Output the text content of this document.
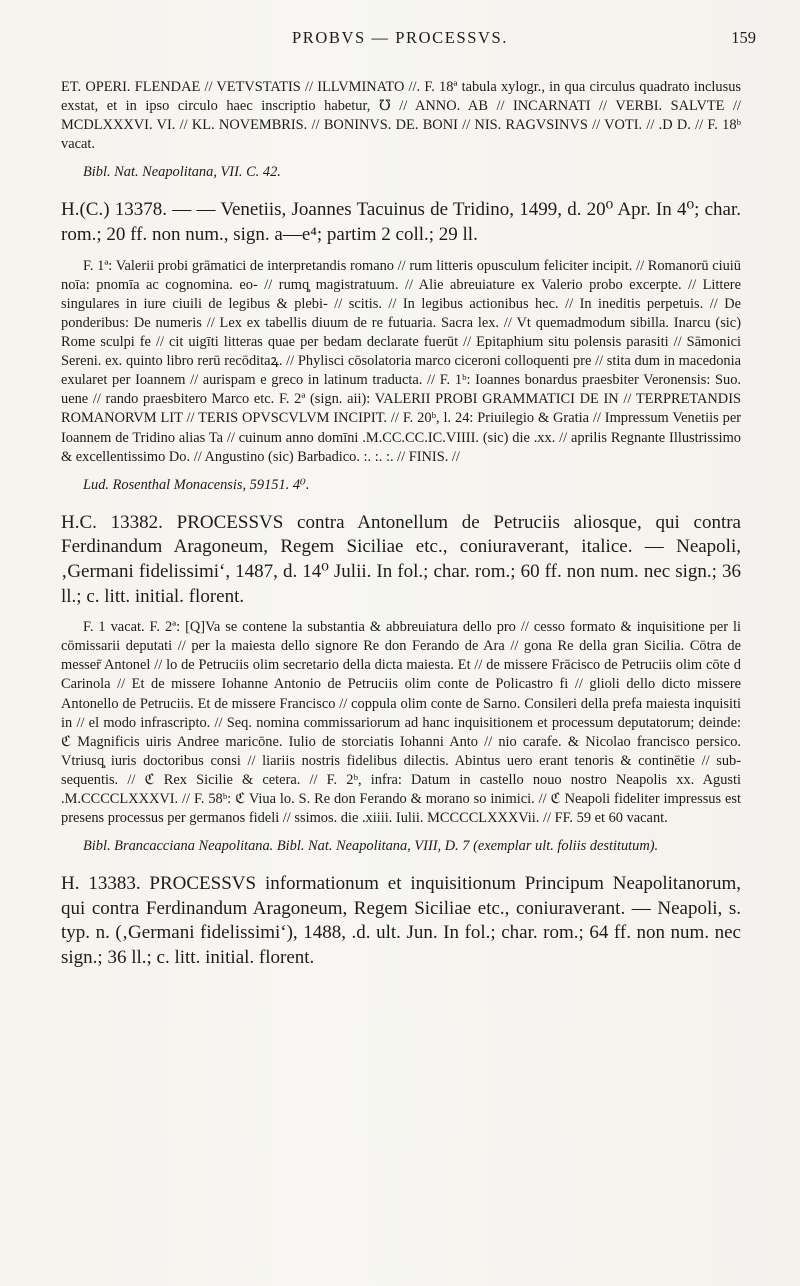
PROBVS — PROCESSVS.	159

ET. OPERI. FLENDAE // VETVSTATIS // ILLVMINATO //. F. 18ª tabula xylogr., in qua circulus quadrato inclusus exstat, et in ipso circulo haec inscriptio habetur, ℧ // ANNO. AB // INCARNATI // VERBI. SALVTE // MCDLXXXVI. VI. // KL. NOVEMBRIS. // BONINVS. DE. BONI // NIS. RAGVSINVS // VOTI. // .D D. // F. 18ᵇ vacat.

Bibl. Nat. Neapolitana, VII. C. 42.

H.(C.) 13378. — — Venetiis, Joannes Tacuinus de Tridino, 1499, d. 20⁰ Apr. In 4⁰; char. rom.; 20 ff. non num., sign. a—e⁴; partim 2 coll.; 29 ll.

F. 1ª: Valerii probi grāmatici de interpretandis romano // rum litteris opusculum feliciter incipit. // Romanorū ciuiū noīa: pnomīa ac cognomina. eo- // rumq̧ magistratuum. // Alie abreuiature ex Valerio probo excerpte. // Littere singulares in iure ciuili de legibus & plebi- // scitis. // In legibus actionibus hec. // In ineditis perpetuis. // De ponderibus: De numeris // Lex ex tabellis diuum de re futuaria. Sacra lex. // Vt quemadmodum sibilla. Inarcu (sic) Rome sculpi fe // cit uigīti litteras quae per bedam declarate fuerūt // Epitaphium situ polensis parasiti // Sāmonici Sereni. ex. quinto libro rerū recōditaꝝ. // Phylisci cōsolatoria marco ciceroni colloquenti pre // stita dum in macedonia exularet per Ioannem // aurispam e greco in latinum traducta. // F. 1ᵇ: Ioannes bonardus praesbiter Veronensis: Suo. uene // rando praesbitero Marco etc. F. 2ª (sign. aii): VALERII PROBI GRAMMATICI DE IN // TERPRETANDIS ROMANORVM LIT // TERIS OPVSCVLVM INCIPIT. // F. 20ᵇ, l. 24: Priuilegio & Gratia // Impressum Venetiis per Ioannem de Tridino alias Ta // cuinum anno domīni .M.CC.CC.IC.VIIII. (sic) die .xx. // aprilis Regnante Illustrissimo & excellentissimo Do. // Angustino (sic) Barbadico. :. :. :. // FINIS. //

Lud. Rosenthal Monacensis, 59151. 4⁰.

H.C. 13382. PROCESSVS contra Antonellum de Petruciis aliosque, qui contra Ferdinandum Aragoneum, Regem Siciliae etc., coniuraverant, italice. — Neapoli, ‚Germani fidelissimi‘, 1487, d. 14⁰ Julii. In fol.; char. rom.; 60 ff. non num. nec sign.; 36 ll.; c. litt. initial. florent.

F. 1 vacat. F. 2ª: [Q]Va se contene la substantia & abbreuiatura dello pro // cesso formato & inquisitione per li cōmissarii deputati // per la maiesta dello signore Re don Ferando de Ara // gona Re della gran Sicilia. Cōtra de messer̄ Antonel // lo de Petruciis olim secretario della dicta maiesta. Et // de missere Frācisco de Petruciis olim cōte d Carinola // Et de missere Iohanne Antonio de Petruciis olim conte de Policastro fi // glioli dello dicto missere Antonello de Petruciis. Et de missere Francisco // coppula olim conte de Sarno. Consileri della prefa maiesta inquisiti in // el modo infrascripto. // Seq. nomina commissariorum ad hanc inquisitionem et processum deputatorum; deinde: ℭ Magnificis uiris Andree maricōne. Iulio de storciatis Iohanni Anto // nio carafe. & Nicolao francisco persico. Vtriusq̧ iuris doctoribus consi // liariis nostris fidelibus dilectis. Abintus uero erant tenoris & continētie // sub- sequentis. // ℭ Rex Sicilie & cetera. // F. 2ᵇ, infra: Datum in castello nouo nostro Neapolis xx. Agusti .M.CCCCLXXXVI. // F. 58ᵇ: ℭ Viua lo. S. Re don Ferando & morano so inimici. // ℭ Neapoli fideliter impressus est presens processus per germanos fideli // ssimos. die .xiiii. Iulii. MCCCCLXXXVii. // FF. 59 et 60 vacant.

Bibl. Brancacciana Neapolitana. Bibl. Nat. Neapolitana, VIII, D. 7 (exemplar ult. foliis destitutum).

H. 13383. PROCESSVS informationum et inquisitionum Principum Neapolitanorum, qui contra Ferdinandum Aragoneum, Regem Siciliae etc., coniuraverant. — Neapoli, s. typ. n. (‚Germani fidelissimi‘), 1488, .d. ult. Jun. In fol.; char. rom.; 64 ff. non num. nec sign.; 36 ll.; c. litt. initial. florent.
